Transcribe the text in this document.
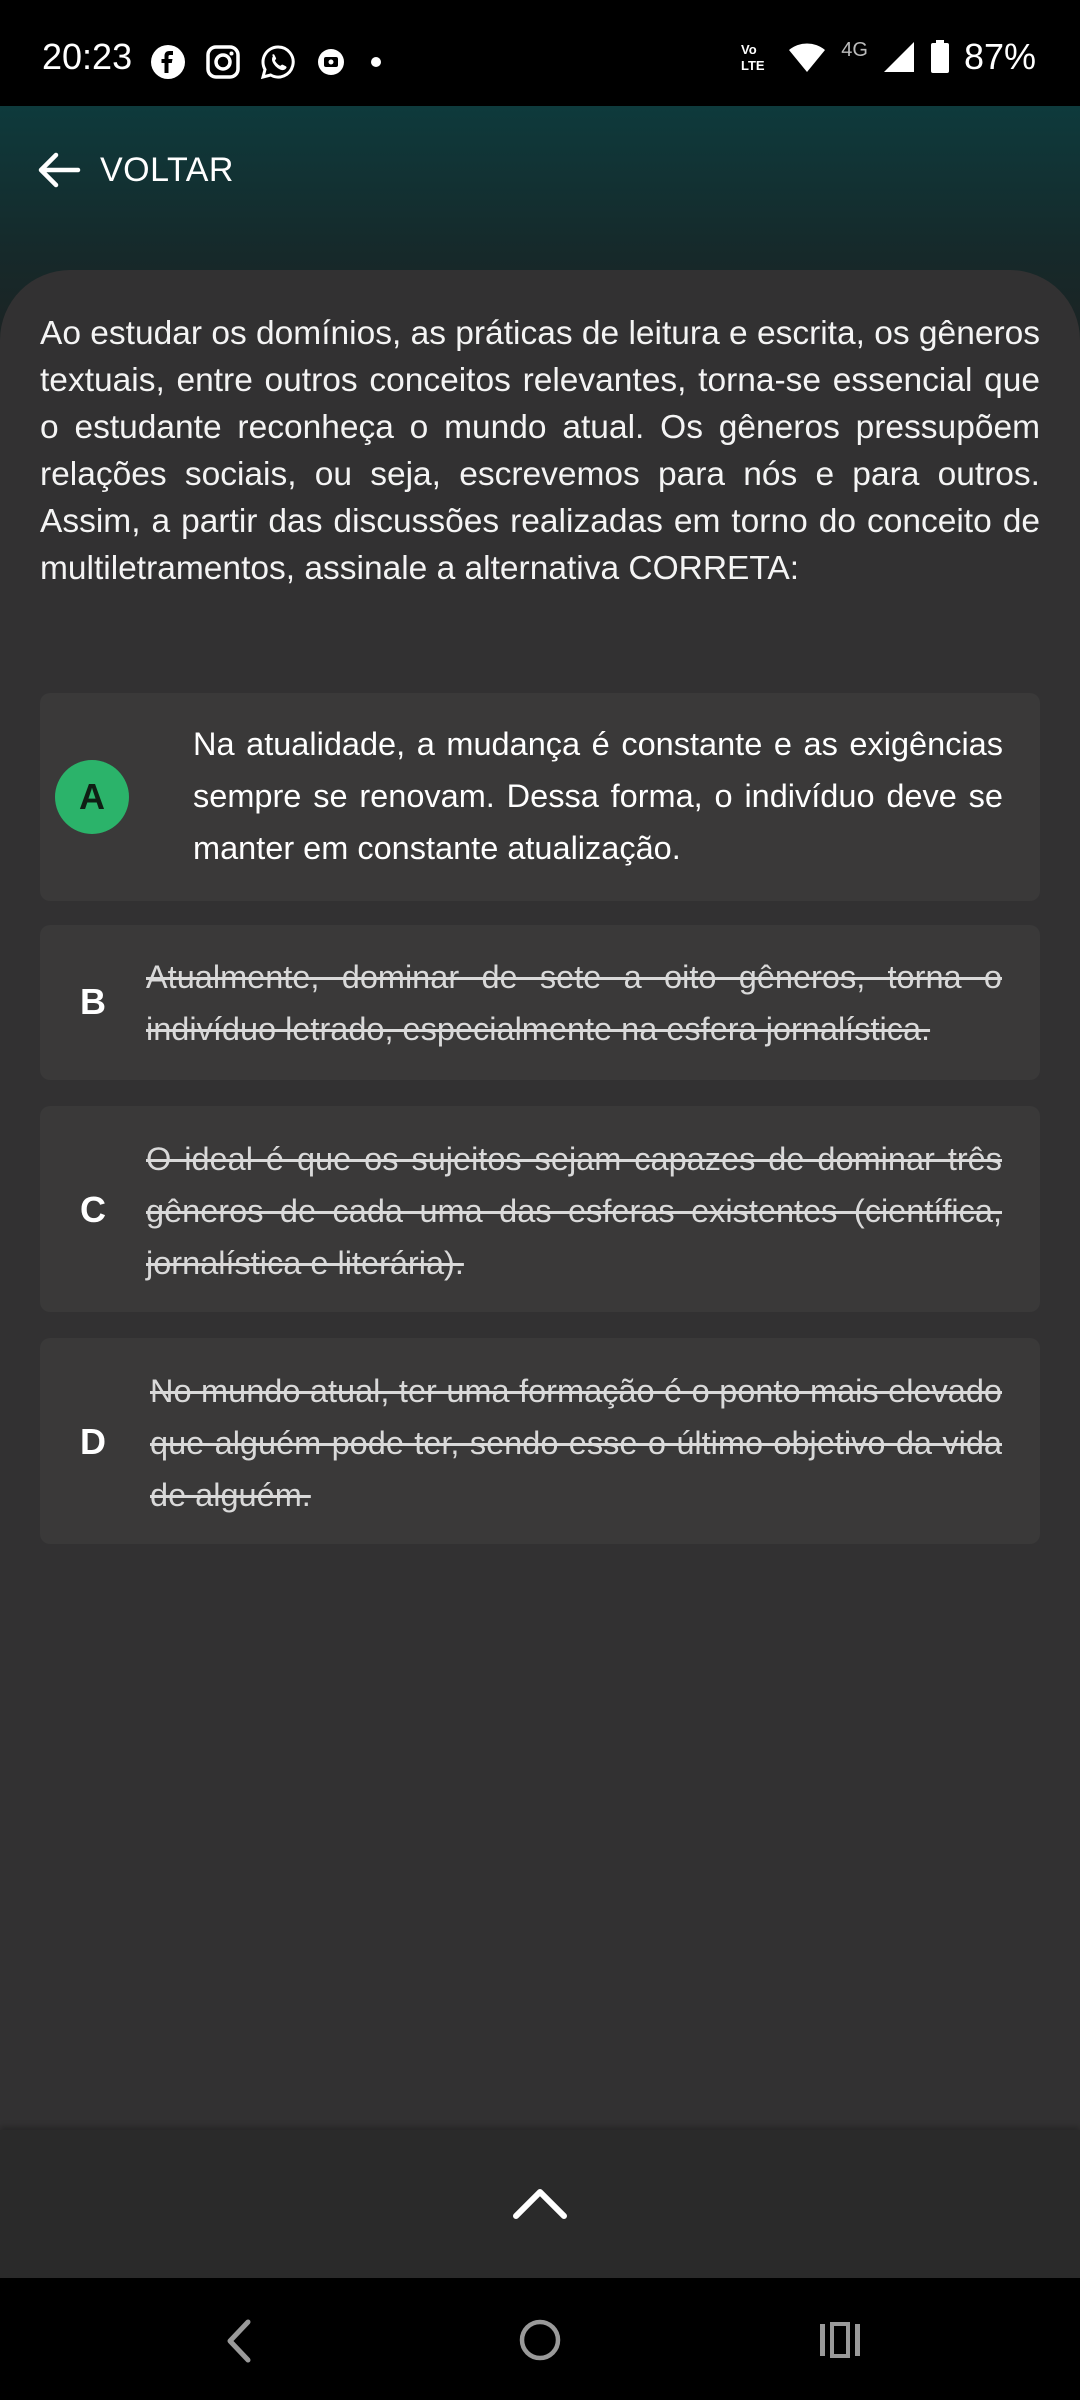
20:23	Vo
LTE
4G	87%
VOLTAR
Ao estudar os domínios, as práticas de leitura e escrita, os gêneros textuais, entre outros conceitos relevantes, torna-se essencial que o estudante reconheça o mundo atual. Os gêneros pressupõem relações sociais, ou seja, escrevemos para nós e para outros. Assim, a partir das discussões realizadas em torno do conceito de multiletramentos, assinale a alternativa CORRETA:
A
Na atualidade, a mudança é constante e as exigências sempre se renovam. Dessa forma, o indivíduo deve se manter em constante atualização.
B
Atualmente, dominar de sete a oito gêneros, torna o indivíduo letrado, especialmente na esfera jornalística.
C
O ideal é que os sujeitos sejam capazes de dominar três gêneros de cada uma das esferas existentes (científica, jornalística e literária).
D
No mundo atual, ter uma formação é o ponto mais elevado que alguém pode ter, sendo esse o último objetivo da vida de alguém.
